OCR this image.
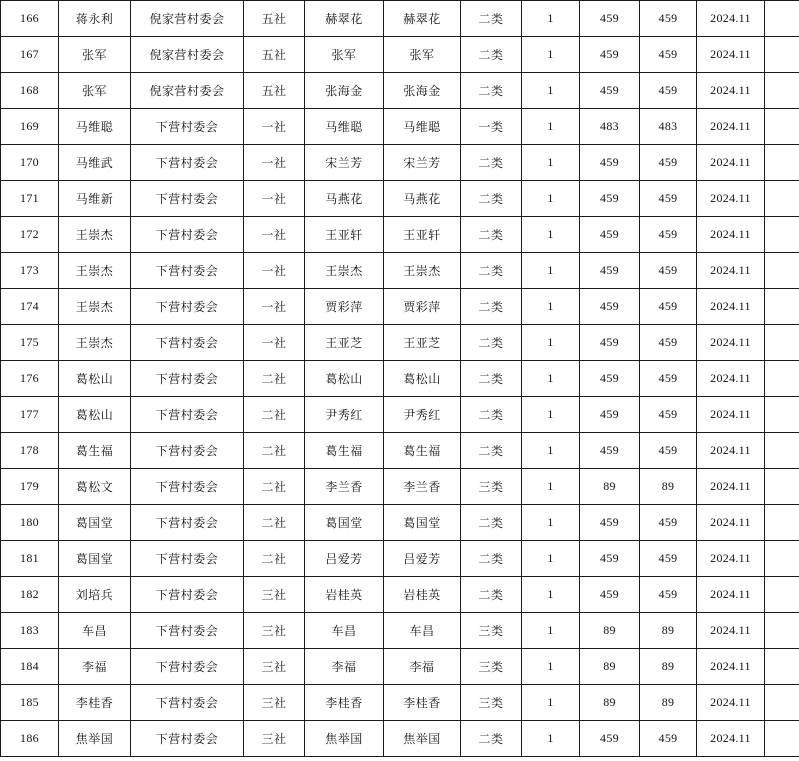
166	蒋永利	倪家营村委会	五社	赫翠花	赫翠花	二类	1	459	459	2024.11	
167	张军	倪家营村委会	五社	张军	张军	二类	1	459	459	2024.11	
168	张军	倪家营村委会	五社	张海金	张海金	二类	1	459	459	2024.11	
169	马维聪	下营村委会	一社	马维聪	马维聪	一类	1	483	483	2024.11	
170	马维武	下营村委会	一社	宋兰芳	宋兰芳	二类	1	459	459	2024.11	
171	马维新	下营村委会	一社	马燕花	马燕花	二类	1	459	459	2024.11	
172	王崇杰	下营村委会	一社	王亚轩	王亚轩	二类	1	459	459	2024.11	
173	王崇杰	下营村委会	一社	王崇杰	王崇杰	二类	1	459	459	2024.11	
174	王崇杰	下营村委会	一社	贾彩萍	贾彩萍	二类	1	459	459	2024.11	
175	王崇杰	下营村委会	一社	王亚芝	王亚芝	二类	1	459	459	2024.11	
176	葛松山	下营村委会	二社	葛松山	葛松山	二类	1	459	459	2024.11	
177	葛松山	下营村委会	二社	尹秀红	尹秀红	二类	1	459	459	2024.11	
178	葛生福	下营村委会	二社	葛生福	葛生福	二类	1	459	459	2024.11	
179	葛松文	下营村委会	二社	李兰香	李兰香	三类	1	89	89	2024.11	
180	葛国堂	下营村委会	二社	葛国堂	葛国堂	二类	1	459	459	2024.11	
181	葛国堂	下营村委会	二社	吕爱芳	吕爱芳	二类	1	459	459	2024.11	
182	刘培兵	下营村委会	三社	岩桂英	岩桂英	二类	1	459	459	2024.11	
183	车昌	下营村委会	三社	车昌	车昌	三类	1	89	89	2024.11	
184	李福	下营村委会	三社	李福	李福	三类	1	89	89	2024.11	
185	李桂香	下营村委会	三社	李桂香	李桂香	三类	1	89	89	2024.11	
186	焦举国	下营村委会	三社	焦举国	焦举国	二类	1	459	459	2024.11	
